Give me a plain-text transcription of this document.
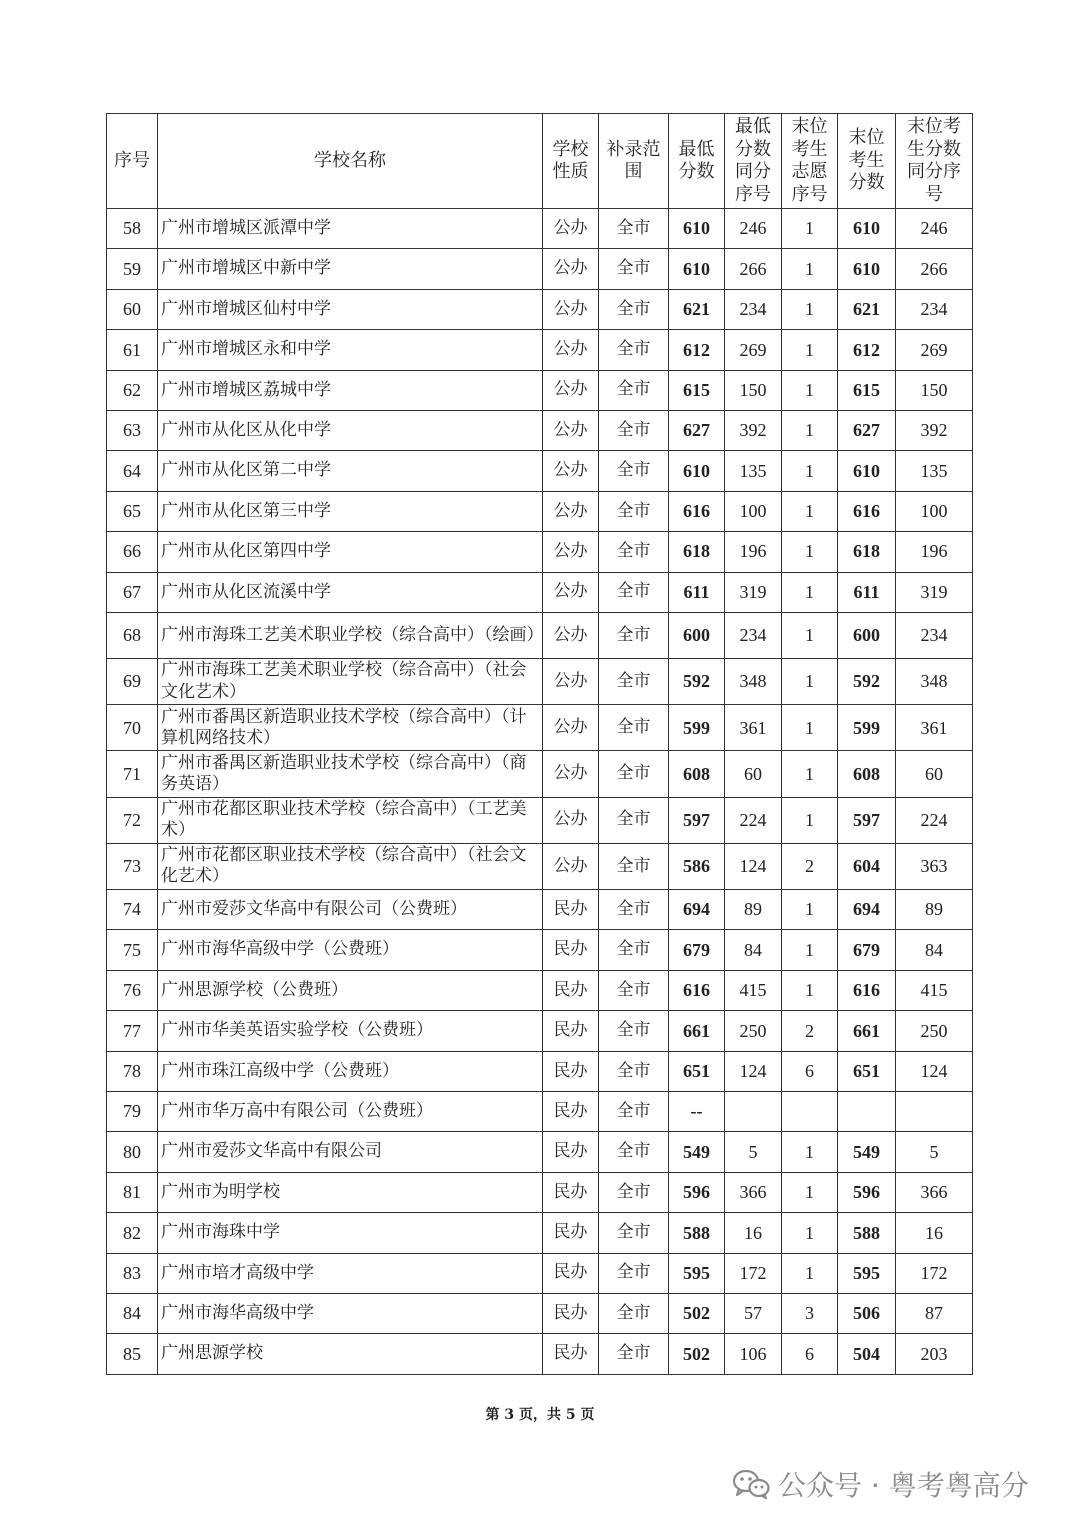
序号	学校名称	学校性质	补录范围	最低分数	最低分数同分序号	末位考生志愿序号	末位考生分数	末位考生分数同分序号
58	广州市增城区派潭中学	公办	全市	610	246	1	610	246
59	广州市增城区中新中学	公办	全市	610	266	1	610	266
60	广州市增城区仙村中学	公办	全市	621	234	1	621	234
61	广州市增城区永和中学	公办	全市	612	269	1	612	269
62	广州市增城区荔城中学	公办	全市	615	150	1	615	150
63	广州市从化区从化中学	公办	全市	627	392	1	627	392
64	广州市从化区第二中学	公办	全市	610	135	1	610	135
65	广州市从化区第三中学	公办	全市	616	100	1	616	100
66	广州市从化区第四中学	公办	全市	618	196	1	618	196
67	广州市从化区流溪中学	公办	全市	611	319	1	611	319
68	广州市海珠工艺美术职业学校（综合高中）（绘画）	公办	全市	600	234	1	600	234
69	广州市海珠工艺美术职业学校（综合高中）（社会文化艺术）	公办	全市	592	348	1	592	348
70	广州市番禺区新造职业技术学校（综合高中）（计算机网络技术）	公办	全市	599	361	1	599	361
71	广州市番禺区新造职业技术学校（综合高中）（商务英语）	公办	全市	608	60	1	608	60
72	广州市花都区职业技术学校（综合高中）（工艺美术）	公办	全市	597	224	1	597	224
73	广州市花都区职业技术学校（综合高中）（社会文化艺术）	公办	全市	586	124	2	604	363
74	广州市爱莎文华高中有限公司（公费班）	民办	全市	694	89	1	694	89
75	广州市海华高级中学（公费班）	民办	全市	679	84	1	679	84
76	广州思源学校（公费班）	民办	全市	616	415	1	616	415
77	广州市华美英语实验学校（公费班）	民办	全市	661	250	2	661	250
78	广州市珠江高级中学（公费班）	民办	全市	651	124	6	651	124
79	广州市华万高中有限公司（公费班）	民办	全市	--				
80	广州市爱莎文华高中有限公司	民办	全市	549	5	1	549	5
81	广州市为明学校	民办	全市	596	366	1	596	366
82	广州市海珠中学	民办	全市	588	16	1	588	16
83	广州市培才高级中学	民办	全市	595	172	1	595	172
84	广州市海华高级中学	民办	全市	502	57	3	506	87
85	广州思源学校	民办	全市	502	106	6	504	203
第 3 页，共 5 页
公众号 · 粤考粤高分
